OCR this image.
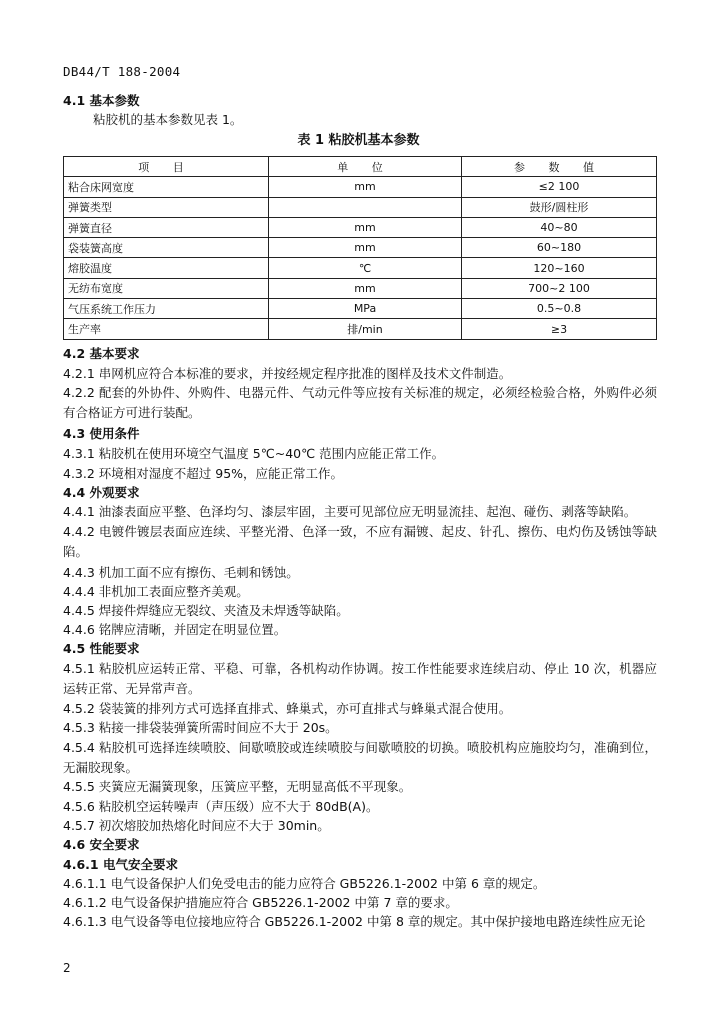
DB44/T 188-2004
4.1 基本参数
粘胶机的基本参数见表 1。
表 1 粘胶机基本参数
项 目	单 位	参 数 值
粘合床网宽度	mm	≤2 100
弹簧类型		鼓形/圆柱形
弹簧直径	mm	40~80
袋装簧高度	mm	60~180
熔胶温度	℃	120~160
无纺布宽度	mm	700~2 100
气压系统工作压力	MPa	0.5~0.8
生产率	排/min	≥3
4.2 基本要求
4.2.1 串网机应符合本标准的要求，并按经规定程序批准的图样及技术文件制造。
4.2.2 配套的外协件、外购件、电器元件、气动元件等应按有关标准的规定，必须经检验合格，外购件必须有合格证方可进行装配。
4.3 使用条件
4.3.1 粘胶机在使用环境空气温度 5℃~40℃ 范围内应能正常工作。
4.3.2 环境相对湿度不超过 95%，应能正常工作。
4.4 外观要求
4.4.1 油漆表面应平整、色泽均匀、漆层牢固，主要可见部位应无明显流挂、起泡、碰伤、剥落等缺陷。
4.4.2 电镀件镀层表面应连续、平整光滑、色泽一致，不应有漏镀、起皮、针孔、擦伤、电灼伤及锈蚀等缺陷。
4.4.3 机加工面不应有擦伤、毛刺和锈蚀。
4.4.4 非机加工表面应整齐美观。
4.4.5 焊接件焊缝应无裂纹、夹渣及未焊透等缺陷。
4.4.6 铭牌应清晰，并固定在明显位置。
4.5 性能要求
4.5.1 粘胶机应运转正常、平稳、可靠，各机构动作协调。按工作性能要求连续启动、停止 10 次，机器应运转正常、无异常声音。
4.5.2 袋装簧的排列方式可选择直排式、蜂巢式，亦可直排式与蜂巢式混合使用。
4.5.3 粘接一排袋装弹簧所需时间应不大于 20s。
4.5.4 粘胶机可选择连续喷胶、间歇喷胶或连续喷胶与间歇喷胶的切换。喷胶机构应施胶均匀，准确到位，无漏胶现象。
4.5.5 夹簧应无漏簧现象，压簧应平整，无明显高低不平现象。
4.5.6 粘胶机空运转噪声（声压级）应不大于 80dB(A)。
4.5.7 初次熔胶加热熔化时间应不大于 30min。
4.6 安全要求
4.6.1 电气安全要求
4.6.1.1 电气设备保护人们免受电击的能力应符合 GB5226.1-2002 中第 6 章的规定。
4.6.1.2 电气设备保护措施应符合 GB5226.1-2002 中第 7 章的要求。
4.6.1.3 电气设备等电位接地应符合 GB5226.1-2002 中第 8 章的规定。其中保护接地电路连续性应无论
2
